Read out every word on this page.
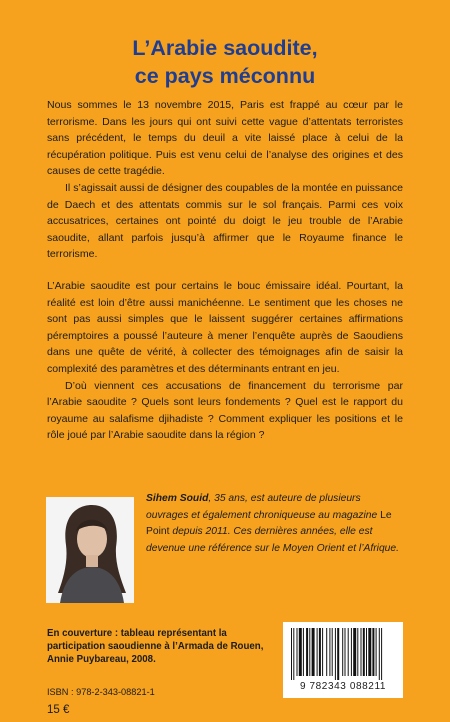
L’Arabie saoudite,
ce pays méconnu

Nous sommes le 13 novembre 2015, Paris est frappé au cœur par le terrorisme. Dans les jours qui ont suivi cette vague d’attentats terroristes sans précédent, le temps du deuil a vite laissé place à celui de la récupération politique. Puis est venu celui de l’analyse des origines et des causes de cette tragédie.

Il s’agissait aussi de désigner des coupables de la montée en puissance de Daech et des attentats commis sur le sol français. Parmi ces voix accusatrices, certaines ont pointé du doigt le jeu trouble de l’Arabie saoudite, allant parfois jusqu’à affirmer que le Royaume finance le terrorisme.

L’Arabie saoudite est pour certains le bouc émissaire idéal. Pourtant, la réalité est loin d’être aussi manichéenne. Le sentiment que les choses ne sont pas aussi simples que le laissent suggérer certaines affirmations péremptoires a poussé l’auteure à mener l’enquête auprès de Saoudiens dans une quête de vérité, à collecter des témoignages afin de saisir la complexité des paramètres et des déterminants entrant en jeu.

D’où viennent ces accusations de financement du terrorisme par l’Arabie saoudite ? Quels sont leurs fondements ? Quel est le rapport du royaume au salafisme djihadiste ? Comment expliquer les positions et le rôle joué par l’Arabie saoudite dans la région ?

Sihem Souid, 35 ans, est auteure de plusieurs ouvrages et également chroniqueuse au magazine Le Point depuis 2011. Ces dernières années, elle est devenue une référence sur le Moyen Orient et l’Afrique.
En couverture : tableau représentant la participation saoudienne à l’Armada de Rouen, Annie Puybareau, 2008.
ISBN : 978-2-343-08821-1
15 €
9 782343 088211
